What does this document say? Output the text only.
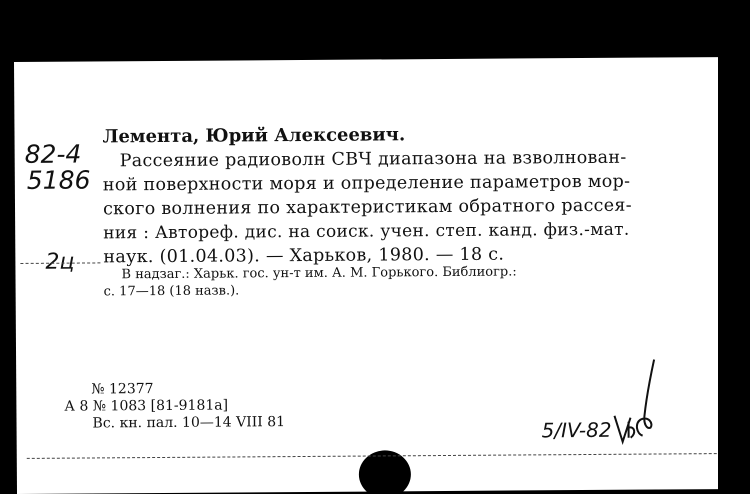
82-4
5186
2ц
Лемента, Юрий Алексеевич.
Рассеяние радиоволн СВЧ диапазона на взволнован-
ной поверхности моря и определение параметров мор-
ского волнения по характеристикам обратного рассея-
ния : Автореф. дис. на соиск. учен. степ. канд. физ.-мат.
наук. (01.04.03). — Харьков, 1980. — 18 с.
В надзаг.: Харьк. гос. ун-т им. А. М. Горького. Библиогр.:
с. 17—18 (18 назв.).
№ 12377
А 8 № 1083 [81-9181а]
Вс. кн. пал. 10—14 VIII 81	5/IV-82
